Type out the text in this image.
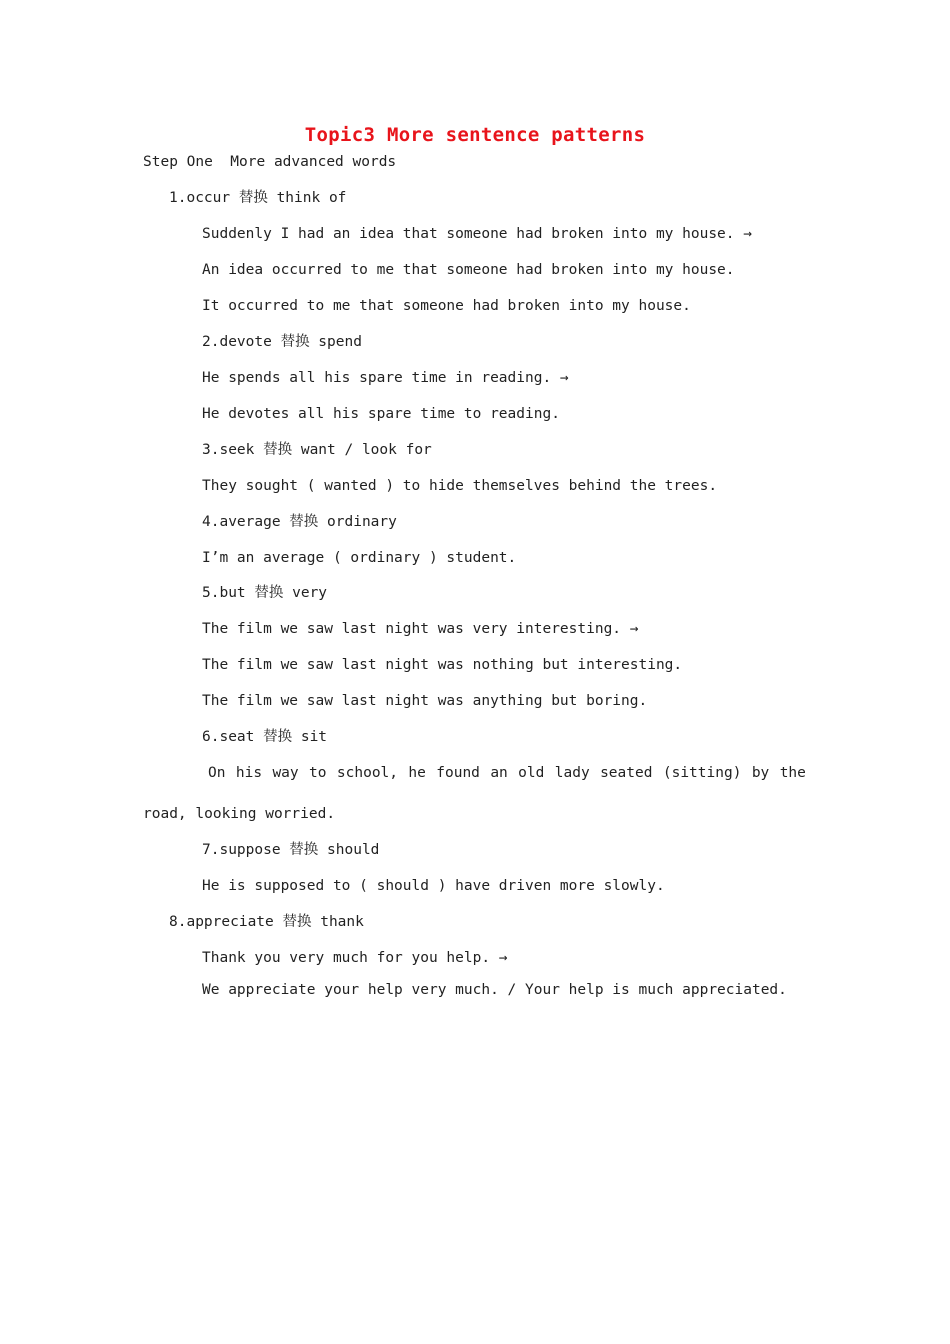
Topic3 More sentence patterns
Step One  More advanced words
1.occur 替换 think of
Suddenly I had an idea that someone had broken into my house. →
An idea occurred to me that someone had broken into my house.
It occurred to me that someone had broken into my house.
2.devote 替换 spend
He spends all his spare time in reading. →
He devotes all his spare time to reading.
3.seek 替换 want / look for
They sought ( wanted ) to hide themselves behind the trees.
4.average 替换 ordinary
I’m an average ( ordinary ) student.
5.but 替换 very
The film we saw last night was very interesting. →
The film we saw last night was nothing but interesting.
The film we saw last night was anything but boring.
6.seat 替换 sit
On his way to school, he found an old lady seated (sitting) by the
road, looking worried.
7.suppose 替换 should
He is supposed to ( should ) have driven more slowly.
8.appreciate 替换 thank
Thank you very much for you help. →
We appreciate your help very much. / Your help is much appreciated.
